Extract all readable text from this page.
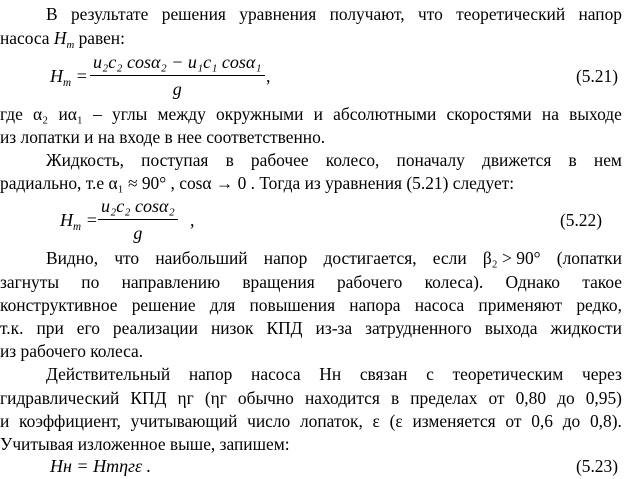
В результате решения уравнения получают, что теоретический напор
насоса $H_т$ равен:
$H_т = \frac{\text{u₂c₂ cosα₂ − u₁c₁ cosα₁}}{g}$ ,	(5.21)
где α₂ иα₁ – углы между окружными и абсолютными скоростями на выходе
из лопатки и на входе в нее соответственно.
Жидкость, поступая в рабочее колесо, поначалу движется в нем
радиально, т.е α₁ ≈ 90° , cosα → 0 . Тогда из уравнения (5.21) следует:
$H_т = \frac{\text{u₂c₂ cosα₂}}{g}$ ,	(5.22)
Видно, что наибольший напор достигается, если β₂ > 90° (лопатки
загнуты по направлению вращения рабочего колеса). Однако такое
конструктивное решение для повышения напора насоса применяют редко,
т.к. при его реализации низок КПД из-за затрудненного выхода жидкости
из рабочего колеса.
Действительный напор насоса Hн связан с теоретическим через
гидравлический КПД ηг (ηг обычно находится в пределах от 0,80 до 0,95)
и коэффициент, учитывающий число лопаток, ε (ε изменяется от 0,6 до 0,8).
Учитывая изложенное выше, запишем:
Hн = Hтηгε .	(5.23)
